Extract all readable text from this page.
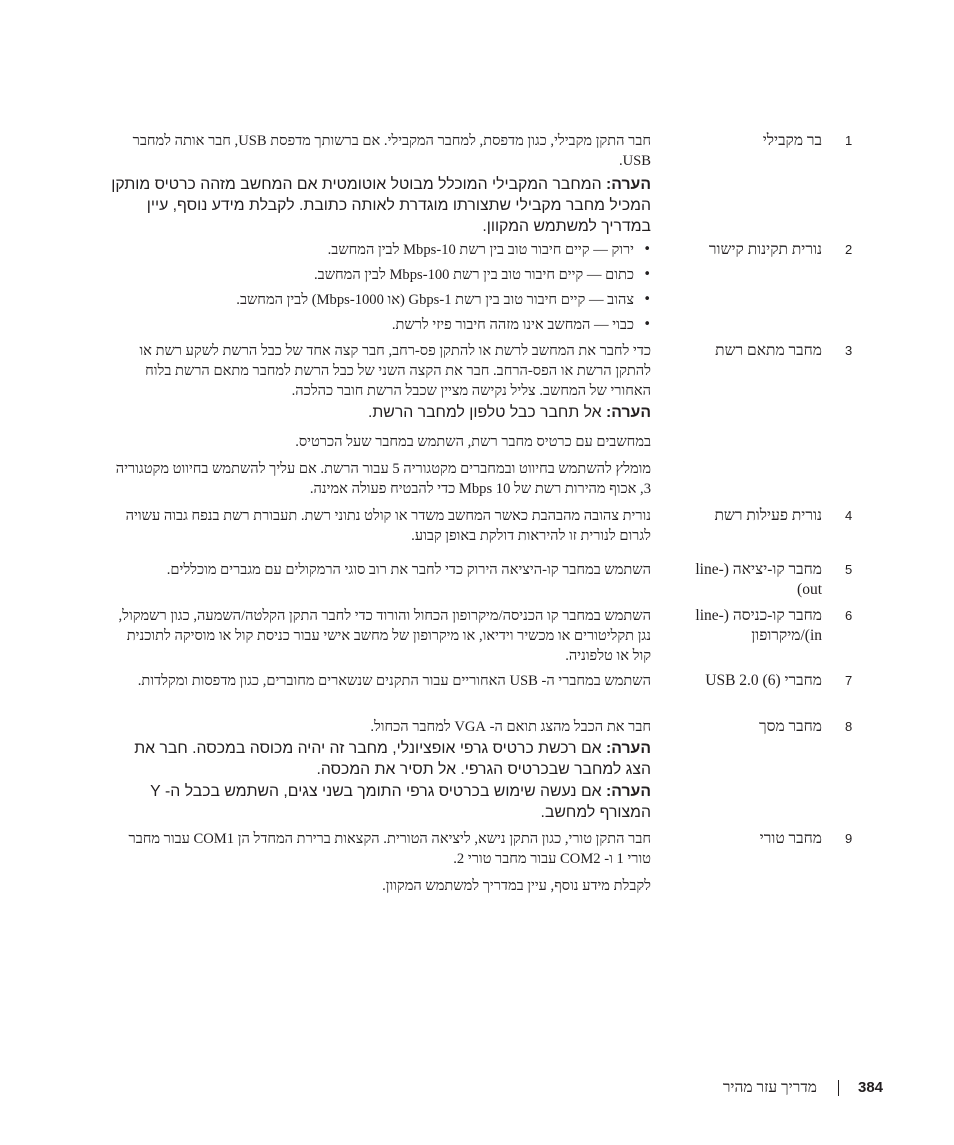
1
בר מקבילי

חבר התקן מקבילי, כגון מדפסת, למחבר המקבילי. אם ברשותך מדפסת USB, חבר אותה למחבר USB.

הערה: המחבר המקבילי המוכלל מבוטל אוטומטית אם המחשב מזהה כרטיס מותקן המכיל מחבר מקבילי שתצורתו מוגדרת לאותה כתובת. לקבלת מידע נוסף, עיין במדריך למשתמש המקוון.
2
נורית תקינות קישור

• ירוק — קיים חיבור טוב בין רשת 10-Mbps לבין המחשב.

• כתום — קיים חיבור טוב בין רשת 100-Mbps לבין המחשב.

• צהוב — קיים חיבור טוב בין רשת 1-Gbps (או 1000-Mbps) לבין המחשב.

• כבוי — המחשב אינו מזהה חיבור פיזי לרשת.

3
מחבר מתאם רשת

כדי לחבר את המחשב לרשת או להתקן פס-רחב, חבר קצה אחד של כבל הרשת לשקע רשת או להתקן הרשת או הפס-הרחב. חבר את הקצה השני של כבל הרשת למחבר מתאם הרשת בלוח האחורי של המחשב. צליל נקישה מציין שכבל הרשת חובר כהלכה.

הערה: אל תחבר כבל טלפון למחבר הרשת.

במחשבים עם כרטיס מחבר רשת, השתמש במחבר שעל הכרטיס.

מומלץ להשתמש בחיווט ובמחברים מקטגוריה 5 עבור הרשת. אם עליך להשתמש בחיווט מקטגוריה 3, אכוף מהירות רשת של 10 Mbps כדי להבטיח פעולה אמינה.

4
נורית פעילות רשת

נורית צהובה מהבהבת כאשר המחשב משדר או קולט נתוני רשת. תעבורת רשת בנפח גבוה עשויה לגרום לנורית זו להיראות דולקת באופן קבוע.

5
מחבר קו-יציאה (line-out)

השתמש במחבר קו-היציאה הירוק כדי לחבר את רוב סוגי הרמקולים עם מגברים מוכללים.

6
מחבר קו-כניסה (line-in)/מיקרופון

השתמש במחבר קו הכניסה/מיקרופון הכחול והורוד כדי לחבר התקן הקלטה/השמעה, כגון רשמקול, נגן תקליטורים או מכשיר וידיאו, או מיקרופון של מחשב אישי עבור כניסת קול או מוסיקה לתוכנית קול או טלפוניה.

7
מחברי USB 2.0 (6)

השתמש במחברי ה- USB האחוריים עבור התקנים שנשארים מחוברים, כגון מדפסות ומקלדות.

8
מחבר מסך

חבר את הכבל מהצג תואם ה- VGA למחבר הכחול.

הערה: אם רכשת כרטיס גרפי אופציונלי, מחבר זה יהיה מכוסה במכסה. חבר את הצג למחבר שבכרטיס הגרפי. אל תסיר את המכסה.
הערה: אם נעשה שימוש בכרטיס גרפי התומך בשני צגים, השתמש בכבל ה- Y המצורף למחשב.
9
מחבר טורי

חבר התקן טורי, כגון התקן נישא, ליציאה הטורית. הקצאות ברירת המחדל הן COM1 עבור מחבר טורי 1 ו- COM2 עבור מחבר טורי 2.

לקבלת מידע נוסף, עיין במדריך למשתמש המקוון.

מדריך עזר מהיר	384
